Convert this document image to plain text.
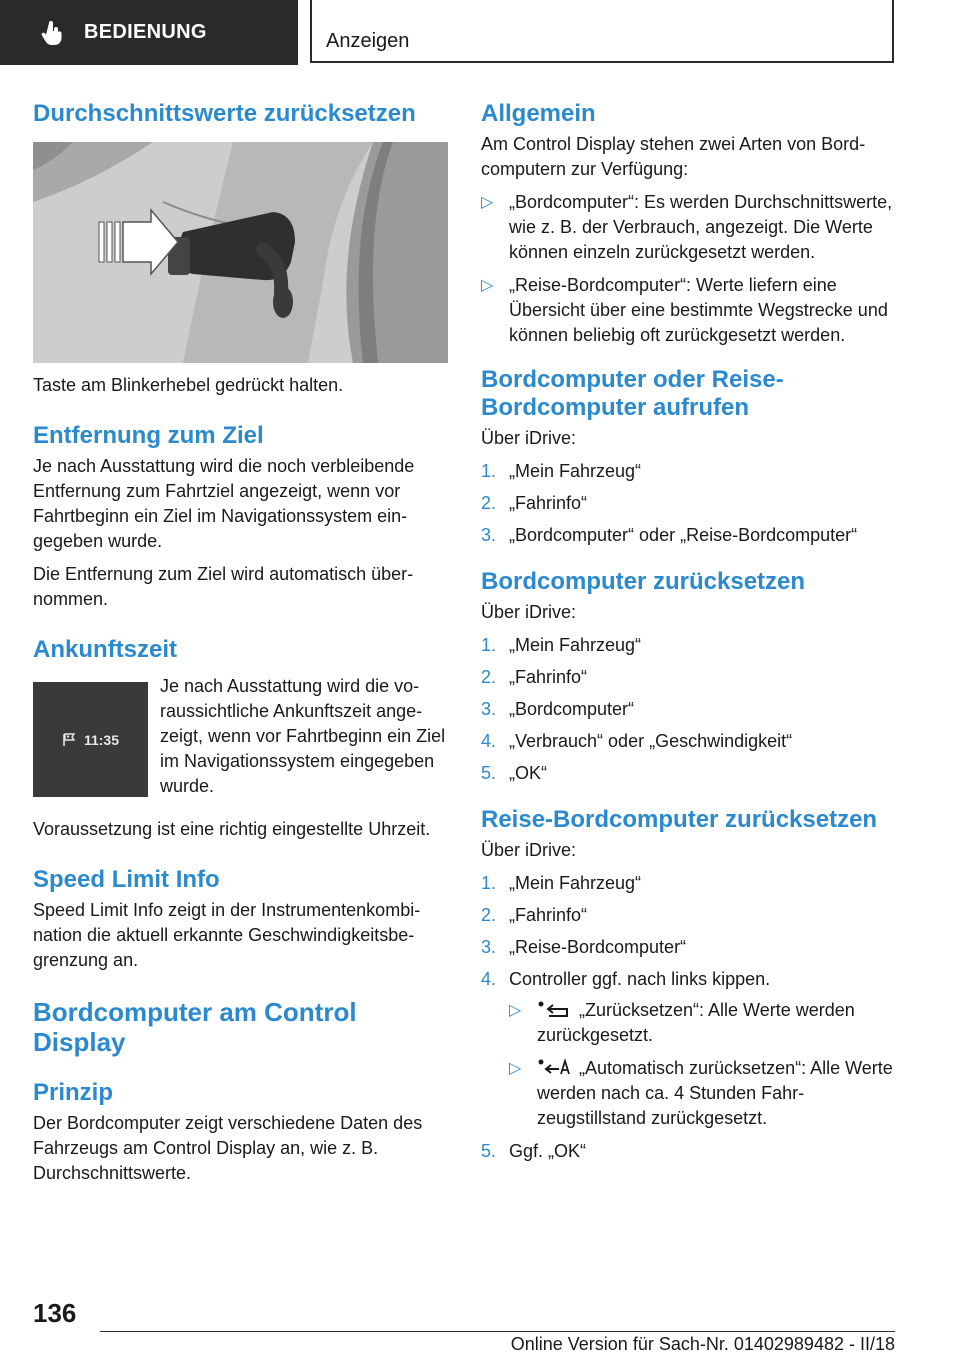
BEDIENUNG	Anzeigen
Durchschnittswerte zurücksetzen

Taste am Blinkerhebel gedrückt halten.

Entfernung zum Ziel

Je nach Ausstattung wird die noch verbleibende Entfernung zum Fahrtziel angezeigt, wenn vor Fahrtbeginn ein Ziel im Navigationssystem eingegeben wurde.

Die Entfernung zum Ziel wird automatisch übernommen.

Ankunftszeit
11:35

Je nach Ausstattung wird die voraussichtliche Ankunftszeit angezeigt, wenn vor Fahrtbeginn ein Ziel im Navigationssystem eingegeben wurde.

Voraussetzung ist eine richtig eingestellte Uhrzeit.

Speed Limit Info

Speed Limit Info zeigt in der Instrumentenkombination die aktuell erkannte Geschwindigkeitsbegrenzung an.

Bordcomputer am Control Display
Prinzip

Der Bordcomputer zeigt verschiedene Daten des Fahrzeugs am Control Display an, wie z. B. Durchschnittswerte.

Allgemein

Am Control Display stehen zwei Arten von Bordcomputern zur Verfügung:

▷ „Bordcomputer“: Es werden Durchschnittswerte, wie z. B. der Verbrauch, angezeigt. Die Werte können einzeln zurückgesetzt werden.
▷ „Reise-Bordcomputer“: Werte liefern eine Übersicht über eine bestimmte Wegstrecke und können beliebig oft zurückgesetzt werden.
Bordcomputer oder Reise-Bordcomputer aufrufen

Über iDrive:

1. „Mein Fahrzeug“
2. „Fahrinfo“
3. „Bordcomputer“ oder „Reise-Bordcomputer“
Bordcomputer zurücksetzen

Über iDrive:

1. „Mein Fahrzeug“
2. „Fahrinfo“
3. „Bordcomputer“
4. „Verbrauch“ oder „Geschwindigkeit“
5. „OK“
Reise-Bordcomputer zurücksetzen

Über iDrive:

1. „Mein Fahrzeug“
2. „Fahrinfo“
3. „Reise-Bordcomputer“
4. Controller ggf. nach links kippen.
▷	„Zurücksetzen“: Alle Werte werden zurückgesetzt.
▷	„Automatisch zurücksetzen“: Alle Werte werden nach ca. 4 Stunden Fahrzeugstillstand zurückgesetzt.
5. Ggf. „OK“
136
Online Version für Sach-Nr. 01402989482 - II/18
